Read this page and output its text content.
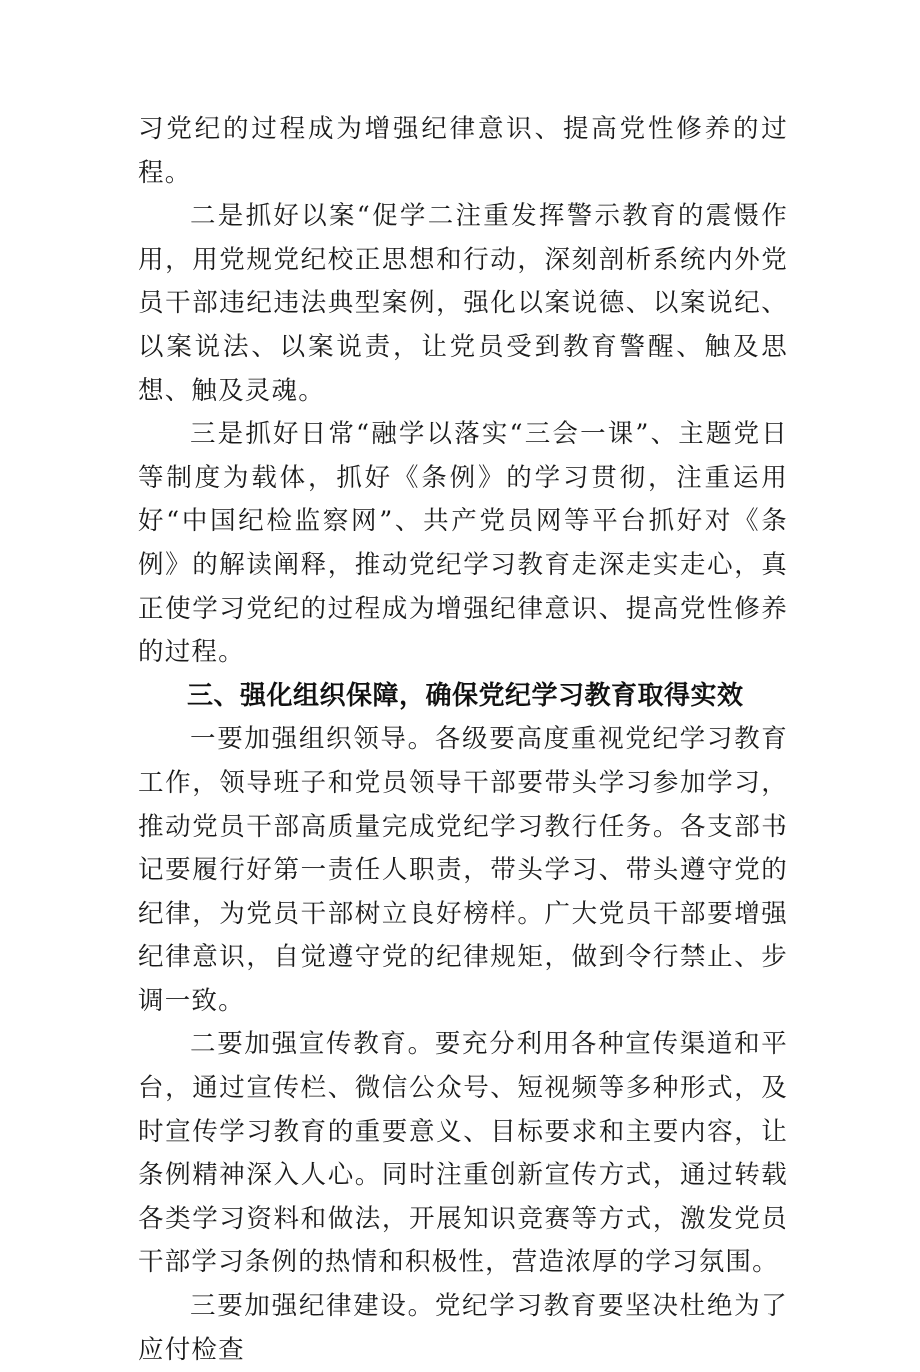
习党纪的过程成为增强纪律意识、提高党性修养的过程。

二是抓好以案“促学二注重发挥警示教育的震慑作用，用党规党纪校正思想和行动，深刻剖析系统内外党员干部违纪违法典型案例，强化以案说德、以案说纪、以案说法、以案说责，让党员受到教育警醒、触及思想、触及灵魂。

三是抓好日常“融学以落实“三会一课”、主题党日等制度为载体，抓好《条例》的学习贯彻，注重运用好“中国纪检监察网”、共产党员网等平台抓好对《条例》的解读阐释，推动党纪学习教育走深走实走心，真正使学习党纪的过程成为增强纪律意识、提高党性修养的过程。

三、强化组织保障，确保党纪学习教育取得实效

一要加强组织领导。各级要高度重视党纪学习教育工作，领导班子和党员领导干部要带头学习参加学习，推动党员干部高质量完成党纪学习教行任务。各支部书记要履行好第一责任人职责，带头学习、带头遵守党的纪律，为党员干部树立良好榜样。广大党员干部要增强纪律意识，自觉遵守党的纪律规矩，做到令行禁止、步调一致。

二要加强宣传教育。要充分利用各种宣传渠道和平台，通过宣传栏、微信公众号、短视频等多种形式，及时宣传学习教育的重要意义、目标要求和主要内容，让条例精神深入人心。同时注重创新宣传方式，通过转载各类学习资料和做法，开展知识竞赛等方式，激发党员干部学习条例的热情和积极性，营造浓厚的学习氛围。

三要加强纪律建设。党纪学习教育要坚决杜绝为了应付检查
